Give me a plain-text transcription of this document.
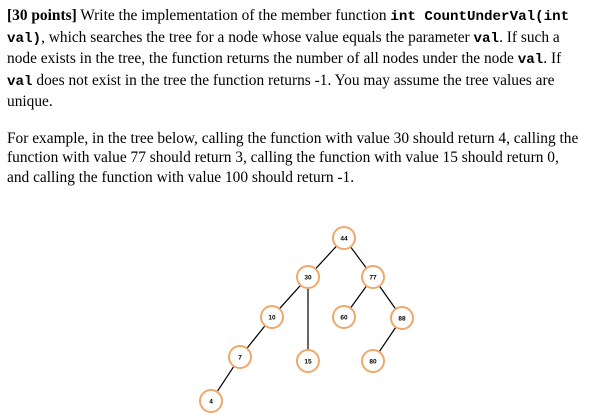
[30 points] Write the implementation of the member function int CountUnderVal(int
val), which searches the tree for a node whose value equals the parameter val. If such a
node exists in the tree, the function returns the number of all nodes under the node val. If
val does not exist in the tree the function returns -1. You may assume the tree values are
unique.
For example, in the tree below, calling the function with value 30 should return 4, calling the
function with value 77 should return 3, calling the function with value 15 should return 0,
and calling the function with value 100 should return -1.
44
30	77
10	60	88
7
15	80
4
